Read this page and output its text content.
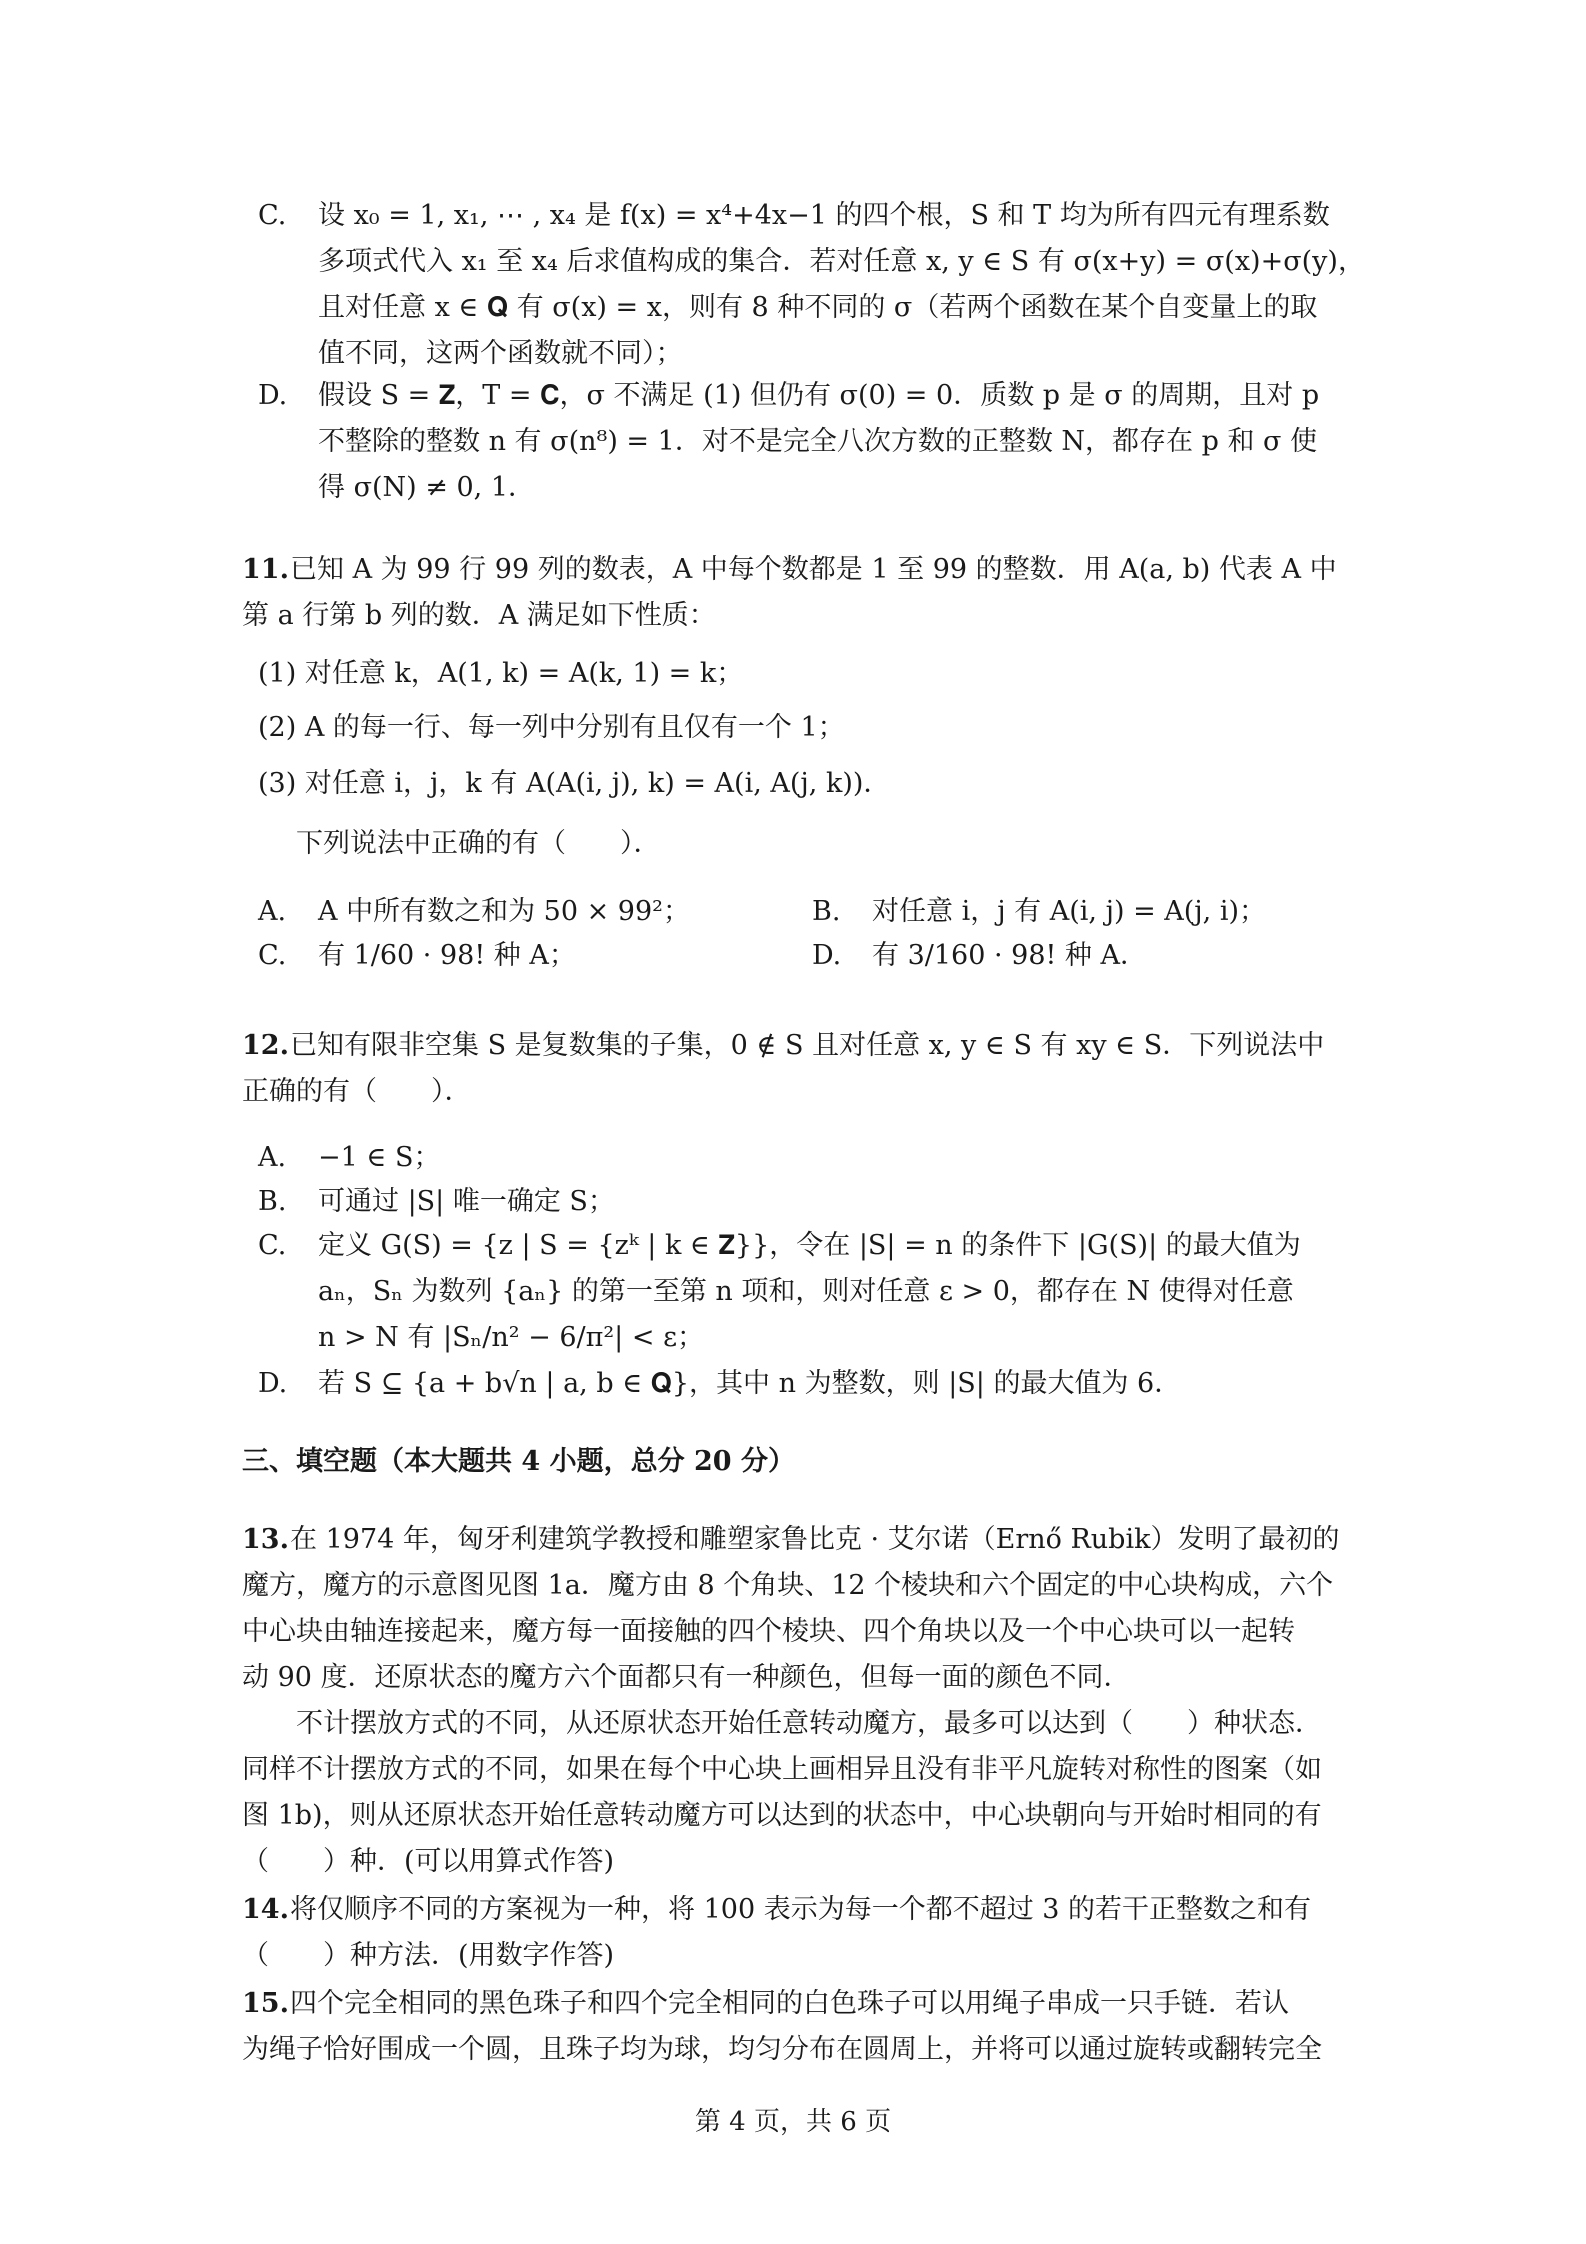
C. 设 x₀ = 1, x₁, ⋯ , x₄ 是 f(x) = x⁴+4x−1 的四个根，S 和 T 均为所有四元有理系数
多项式代入 x₁ 至 x₄ 后求值构成的集合．若对任意 x, y ∈ S 有 σ(x+y) = σ(x)+σ(y)，
且对任意 x ∈ 𝐐 有 σ(x) = x，则有 8 种不同的 σ（若两个函数在某个自变量上的取
值不同，这两个函数就不同）；
D. 假设 S = 𝐙，T = 𝐂，σ 不满足 (1) 但仍有 σ(0) = 0．质数 p 是 σ 的周期，且对 p
不整除的整数 n 有 σ(n⁸) = 1．对不是完全八次方数的正整数 N，都存在 p 和 σ 使
得 σ(N) ≠ 0, 1．
11. 已知 A 为 99 行 99 列的数表，A 中每个数都是 1 至 99 的整数．用 A(a, b) 代表 A 中
第 a 行第 b 列的数．A 满足如下性质：
(1) 对任意 k，A(1, k) = A(k, 1) = k；
(2) A 的每一行、每一列中分别有且仅有一个 1；
(3) 对任意 i，j，k 有 A(A(i, j), k) = A(i, A(j, k))．
下列说法中正确的有（　　）．
A. A 中所有数之和为 50 × 99²；	B. 对任意 i，j 有 A(i, j) = A(j, i)；
C. 有 1/60 · 98! 种 A；	D. 有 3/160 · 98! 种 A．
12. 已知有限非空集 S 是复数集的子集，0 ∉ S 且对任意 x, y ∈ S 有 xy ∈ S．下列说法中
正确的有（　　）．
A. −1 ∈ S；
B. 可通过 |S| 唯一确定 S；
C. 定义 G(S) = {z | S = {zᵏ | k ∈ 𝐙}}，令在 |S| = n 的条件下 |G(S)| 的最大值为
aₙ，Sₙ 为数列 {aₙ} 的第一至第 n 项和，则对任意 ε > 0，都存在 N 使得对任意
n > N 有 |Sₙ/n² − 6/π²| < ε；
D. 若 S ⊆ {a + b√n | a, b ∈ 𝐐}，其中 n 为整数，则 |S| 的最大值为 6．
三、填空题（本大题共 4 小题，总分 20 分）
13. 在 1974 年，匈牙利建筑学教授和雕塑家鲁比克 · 艾尔诺（Ernő Rubik）发明了最初的
魔方，魔方的示意图见图 1a．魔方由 8 个角块、12 个棱块和六个固定的中心块构成，六个
中心块由轴连接起来，魔方每一面接触的四个棱块、四个角块以及一个中心块可以一起转
动 90 度．还原状态的魔方六个面都只有一种颜色，但每一面的颜色不同．
不计摆放方式的不同，从还原状态开始任意转动魔方，最多可以达到（　　）种状态．
同样不计摆放方式的不同，如果在每个中心块上画相异且没有非平凡旋转对称性的图案（如
图 1b)，则从还原状态开始任意转动魔方可以达到的状态中，中心块朝向与开始时相同的有
（　　）种．(可以用算式作答)
14. 将仅顺序不同的方案视为一种，将 100 表示为每一个都不超过 3 的若干正整数之和有
（　　）种方法．(用数字作答)
15. 四个完全相同的黑色珠子和四个完全相同的白色珠子可以用绳子串成一只手链．若认
为绳子恰好围成一个圆，且珠子均为球，均匀分布在圆周上，并将可以通过旋转或翻转完全
第 4 页，共 6 页
